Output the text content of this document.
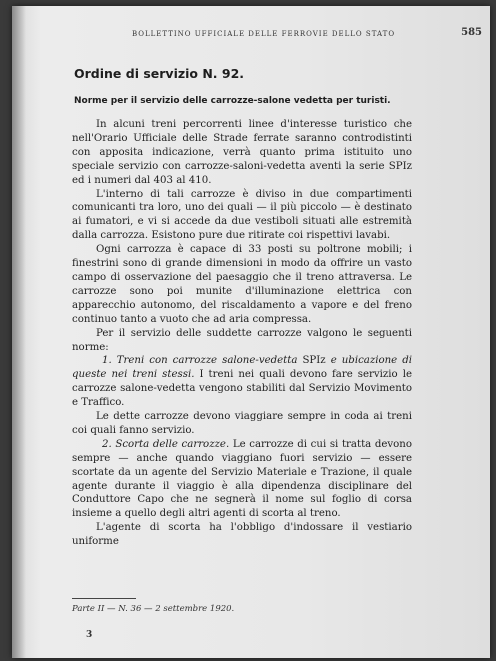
BOLLETTINO UFFICIALE DELLE FERROVIE DELLO STATO	585
Ordine di servizio N. 92.
Norme per il servizio delle carrozze-salone vedetta per turisti.

In alcuni treni percorrenti linee d'interesse turistico che nell'Orario Ufficiale delle Strade ferrate saranno controdistinti con apposita indicazione, verrà quanto prima istituito uno speciale servizio con carrozze-saloni-vedetta aventi la serie SPIz ed i numeri dal 403 al 410.

L'interno di tali carrozze è diviso in due compartimenti comunicanti tra loro, uno dei quali — il più piccolo — è destinato ai fumatori, e vi si accede da due vestiboli situati alle estremità dalla carrozza. Esistono pure due ritirate coi rispettivi lavabi.

Ogni carrozza è capace di 33 posti su poltrone mobili; i finestrini sono di grande dimensioni in modo da offrire un vasto campo di osservazione del paesaggio che il treno attraversa. Le carrozze sono poi munite d'illuminazione elettrica con apparecchio autonomo, del riscaldamento a vapore e del freno continuo tanto a vuoto che ad aria compressa.

Per il servizio delle suddette carrozze valgono le seguenti norme:

1. Treni con carrozze salone-vedetta SPIz e ubicazione di queste nei treni stessi. I treni nei quali devono fare servizio le carrozze salone-vedetta vengono stabiliti dal Servizio Movimento e Traffico.

Le dette carrozze devono viaggiare sempre in coda ai treni coi quali fanno servizio.

2. Scorta delle carrozze. Le carrozze di cui si tratta devono sempre — anche quando viaggiano fuori servizio — essere scortate da un agente del Servizio Materiale e Trazione, il quale agente durante il viaggio è alla dipendenza disciplinare del Conduttore Capo che ne segnerà il nome sul foglio di corsa insieme a quello degli altri agenti di scorta al treno.

L'agente di scorta ha l'obbligo d'indossare il vestiario uniforme

Parte II — N. 36 — 2 settembre 1920.
3
